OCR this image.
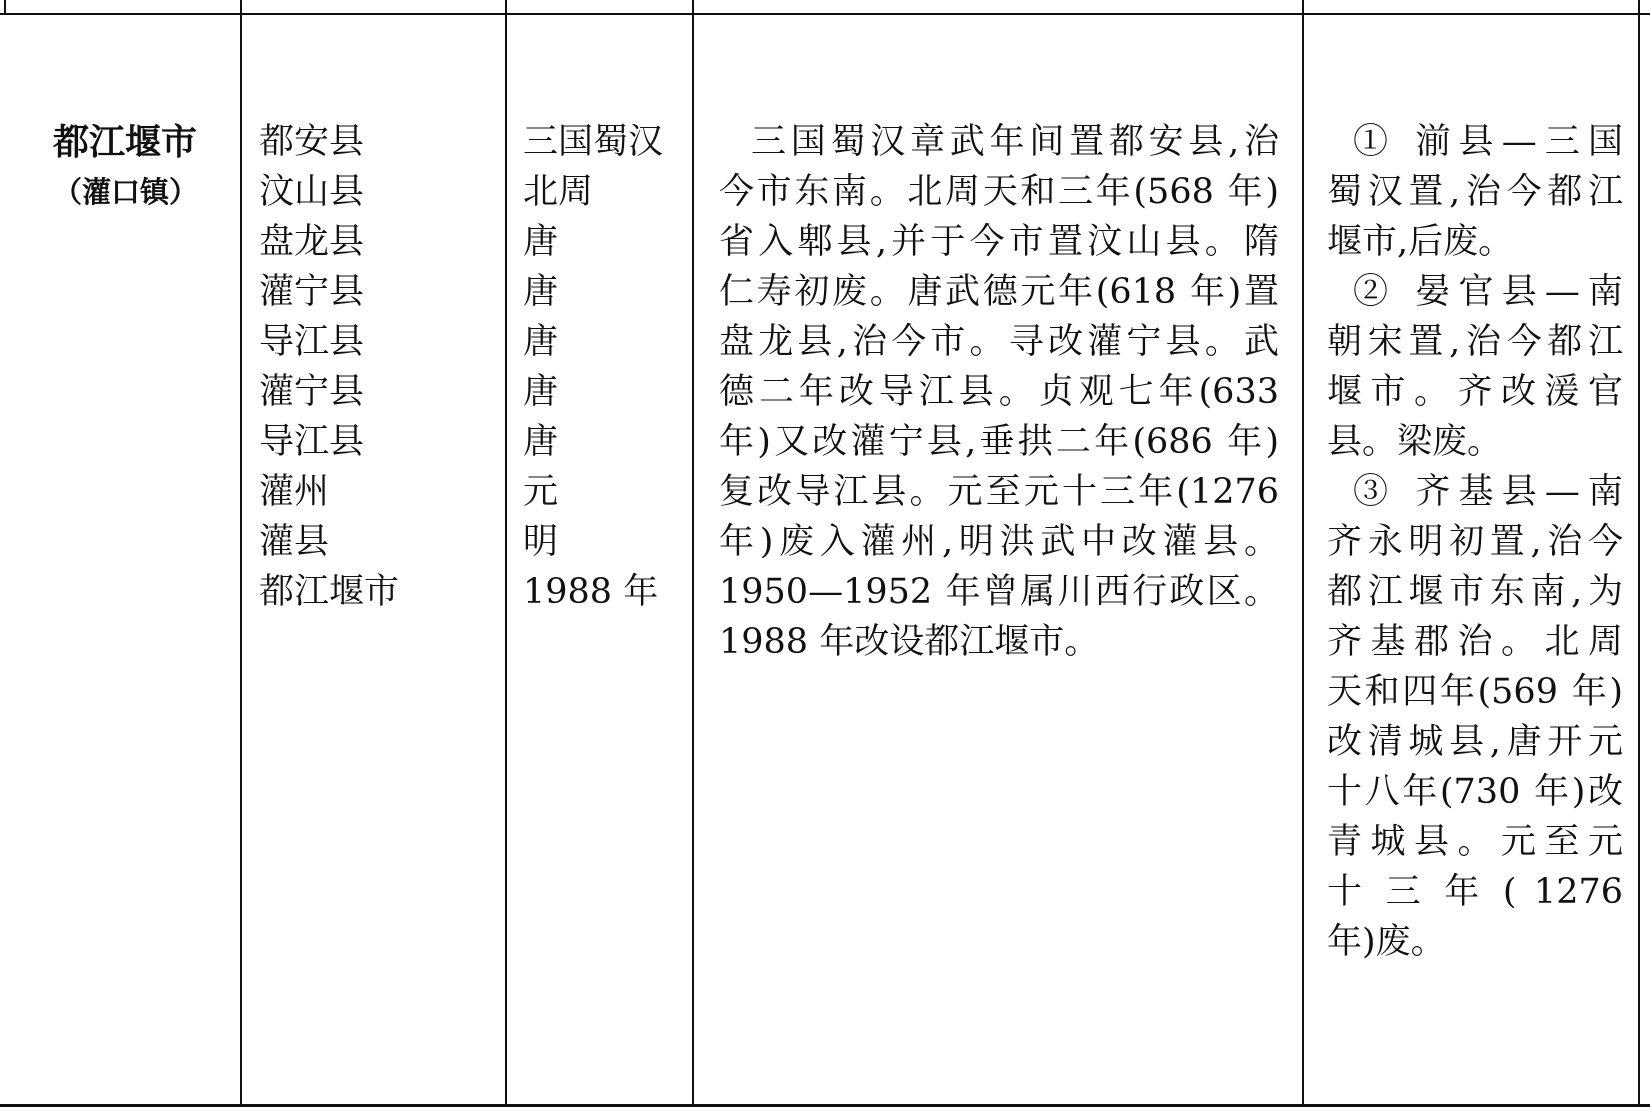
都江堰市
（灌口镇）
都安县
汶山县
盘龙县
灌宁县
导江县
灌宁县
导江县
灌州
灌县
都江堰市
三国蜀汉
北周
唐
唐
唐
唐
唐
元
明
1988 年
三国蜀汉章武年间置都安县,治
今市东南。北周天和三年(568 年)
省入郫县,并于今市置汶山县。隋
仁寿初废。唐武德元年(618 年)置
盘龙县,治今市。寻改灌宁县。武
德二年改导江县。贞观七年(633
年)又改灌宁县,垂拱二年(686 年)
复改导江县。元至元十三年(1276
年)废入灌州,明洪武中改灌县。
1950—1952 年曾属川西行政区。
1988 年改设都江堰市。
① 湔县—三国
蜀汉置,治今都江
堰市,后废。
② 晏官县—南
朝宋置,治今都江
堰市。齐改湲官
县。梁废。
③ 齐基县—南
齐永明初置,治今
都江堰市东南,为
齐基郡治。北周
天和四年(569 年)
改清城县,唐开元
十八年(730 年)改
青城县。元至元
十 三 年 ( 1276
年)废。
